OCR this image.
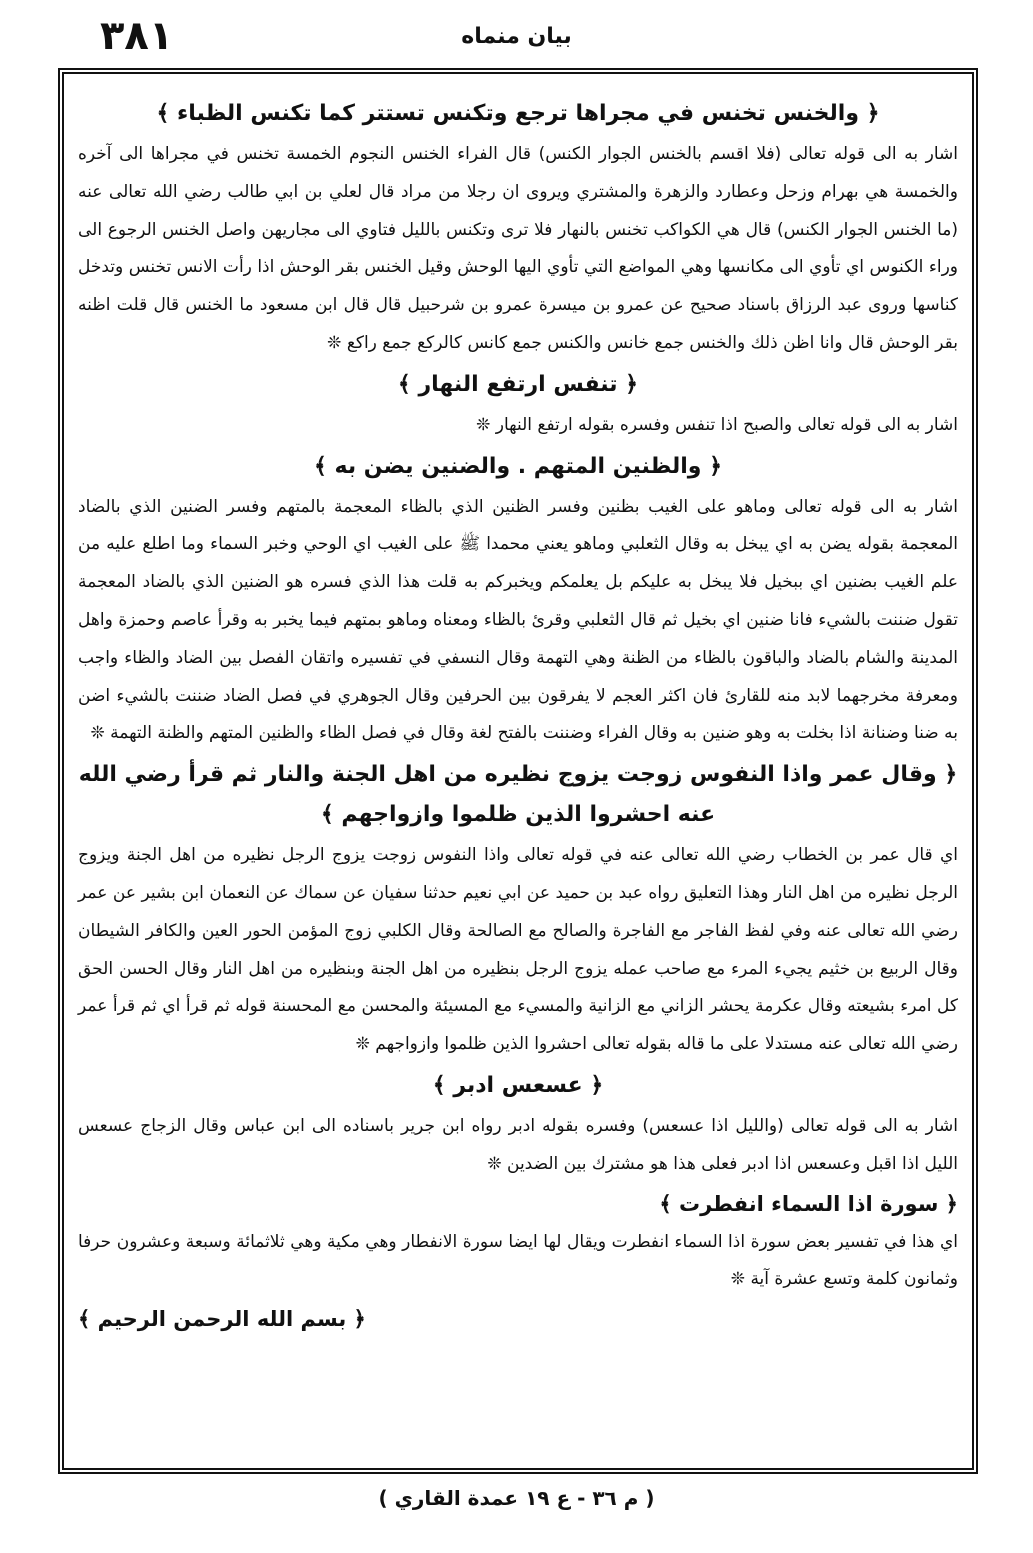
٣٨١	بيان منماه
﴿ والخنس تخنس في مجراها ترجع وتكنس تستتر كما تكنس الظباء ﴾

اشار به الى قوله تعالى (فلا اقسم بالخنس الجوار الكنس) قال الفراء الخنس النجوم الخمسة تخنس في مجراها الى آخره والخمسة هي بهرام وزحل وعطارد والزهرة والمشتري ويروى ان رجلا من مراد قال لعلي بن ابي طالب رضي الله تعالى عنه (ما الخنس الجوار الكنس) قال هي الكواكب تخنس بالنهار فلا ترى وتكنس بالليل فتاوي الى مجاريهن واصل الخنس الرجوع الى وراء الكنوس اي تأوي الى مكانسها وهي المواضع التي تأوي اليها الوحش وقيل الخنس بقر الوحش اذا رأت الانس تخنس وتدخل كناسها وروى عبد الرزاق باسناد صحيح عن عمرو بن ميسرة عمرو بن شرحبيل قال قال ابن مسعود ما الخنس قال قلت اظنه بقر الوحش قال وانا اظن ذلك والخنس جمع خانس والكنس جمع كانس كالركع جمع راكع ❊

﴿ تنفس ارتفع النهار ﴾

اشار به الى قوله تعالى والصبح اذا تنفس وفسره بقوله ارتفع النهار ❊

﴿ والظنين المتهم . والضنين يضن به ﴾

اشار به الى قوله تعالى وماهو على الغيب بظنين وفسر الظنين الذي بالظاء المعجمة بالمتهم وفسر الضنين الذي بالضاد المعجمة بقوله يضن به اي يبخل به وقال الثعلبي وماهو يعني محمدا ﷺ على الغيب اي الوحي وخبر السماء وما اطلع عليه من علم الغيب بضنين اي ببخيل فلا يبخل به عليكم بل يعلمكم ويخبركم به قلت هذا الذي فسره هو الضنين الذي بالضاد المعجمة تقول ضننت بالشيء فانا ضنين اي بخيل ثم قال الثعلبي وقرئ بالظاء ومعناه وماهو بمتهم فيما يخبر به وقرأ عاصم وحمزة واهل المدينة والشام بالضاد والباقون بالظاء من الظنة وهي التهمة وقال النسفي في تفسيره واتقان الفصل بين الضاد والظاء واجب ومعرفة مخرجهما لابد منه للقارئ فان اكثر العجم لا يفرقون بين الحرفين وقال الجوهري في فصل الضاد ضننت بالشيء اضن به ضنا وضنانة اذا بخلت به وهو ضنين به وقال الفراء وضننت بالفتح لغة وقال في فصل الظاء والظنين المتهم والظنة التهمة ❊

﴿ وقال عمر واذا النفوس زوجت يزوج نظيره من اهل الجنة والنار ثم قرأ رضي الله عنه احشروا الذين ظلموا وازواجهم ﴾

اي قال عمر بن الخطاب رضي الله تعالى عنه في قوله تعالى واذا النفوس زوجت يزوج الرجل نظيره من اهل الجنة ويزوج الرجل نظيره من اهل النار وهذا التعليق رواه عبد بن حميد عن ابي نعيم حدثنا سفيان عن سماك عن النعمان ابن بشير عن عمر رضي الله تعالى عنه وفي لفظ الفاجر مع الفاجرة والصالح مع الصالحة وقال الكلبي زوج المؤمن الحور العين والكافر الشيطان وقال الربيع بن خثيم يجيء المرء مع صاحب عمله يزوج الرجل بنظيره من اهل الجنة وبنظيره من اهل النار وقال الحسن الحق كل امرء بشيعته وقال عكرمة يحشر الزاني مع الزانية والمسيء مع المسيئة والمحسن مع المحسنة قوله ثم قرأ اي ثم قرأ عمر رضي الله تعالى عنه مستدلا على ما قاله بقوله تعالى احشروا الذين ظلموا وازواجهم ❊

﴿ عسعس ادبر ﴾

اشار به الى قوله تعالى (والليل اذا عسعس) وفسره بقوله ادبر رواه ابن جرير باسناده الى ابن عباس وقال الزجاج عسعس الليل اذا اقبل وعسعس اذا ادبر فعلى هذا هو مشترك بين الضدين ❊

﴿ سورة اذا السماء انفطرت ﴾

اي هذا في تفسير بعض سورة اذا السماء انفطرت ويقال لها ايضا سورة الانفطار وهي مكية وهي ثلاثمائة وسبعة وعشرون حرفا وثمانون كلمة وتسع عشرة آية ❊

﴿ بسم الله الرحمن الرحيم ﴾
( م ٣٦ - ع ١٩ عمدة القاري )
